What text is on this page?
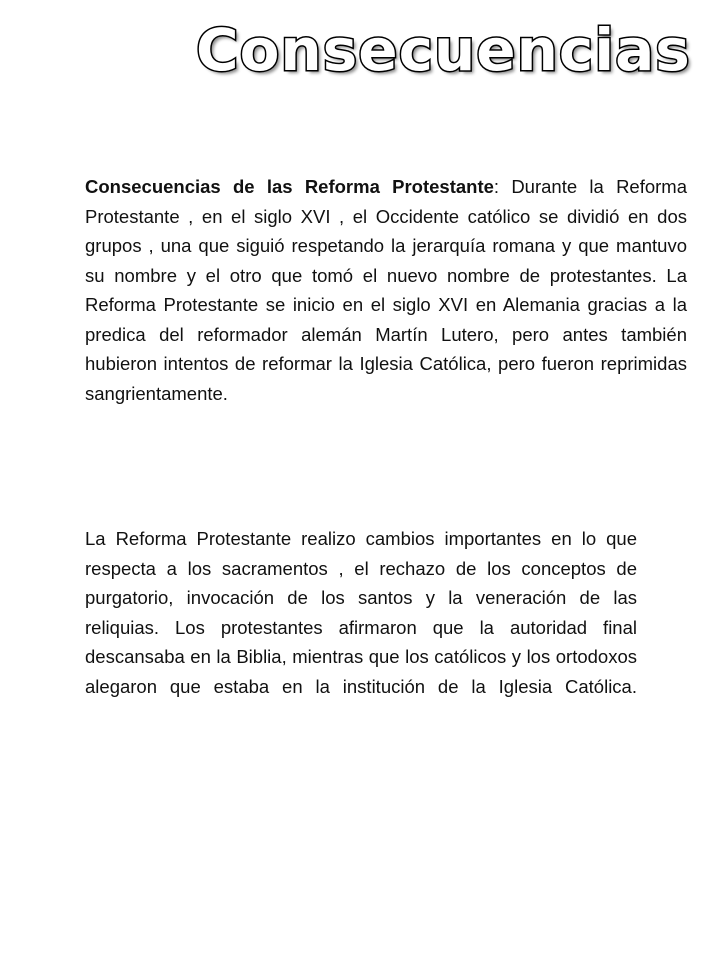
Consecuencias

Consecuencias de las Reforma Protestante: Durante la Reforma Protestante , en el siglo XVI , el Occidente católico se dividió en dos grupos , una que siguió respetando la jerarquía romana y que mantuvo su nombre y el otro que tomó el nuevo nombre de protestantes. La Reforma Protestante se inicio en el siglo XVI en Alemania gracias a la predica del reformador alemán Martín Lutero, pero antes también hubieron intentos de reformar la Iglesia Católica, pero fueron reprimidas sangrientamente.

La Reforma Protestante realizo cambios importantes en lo que respecta a los sacramentos , el rechazo de los conceptos de purgatorio, invocación de los santos y la veneración de las reliquias. Los protestantes afirmaron que la autoridad final descansaba en la Biblia, mientras que los católicos y los ortodoxos alegaron que estaba en la institución de la Iglesia Católica.
